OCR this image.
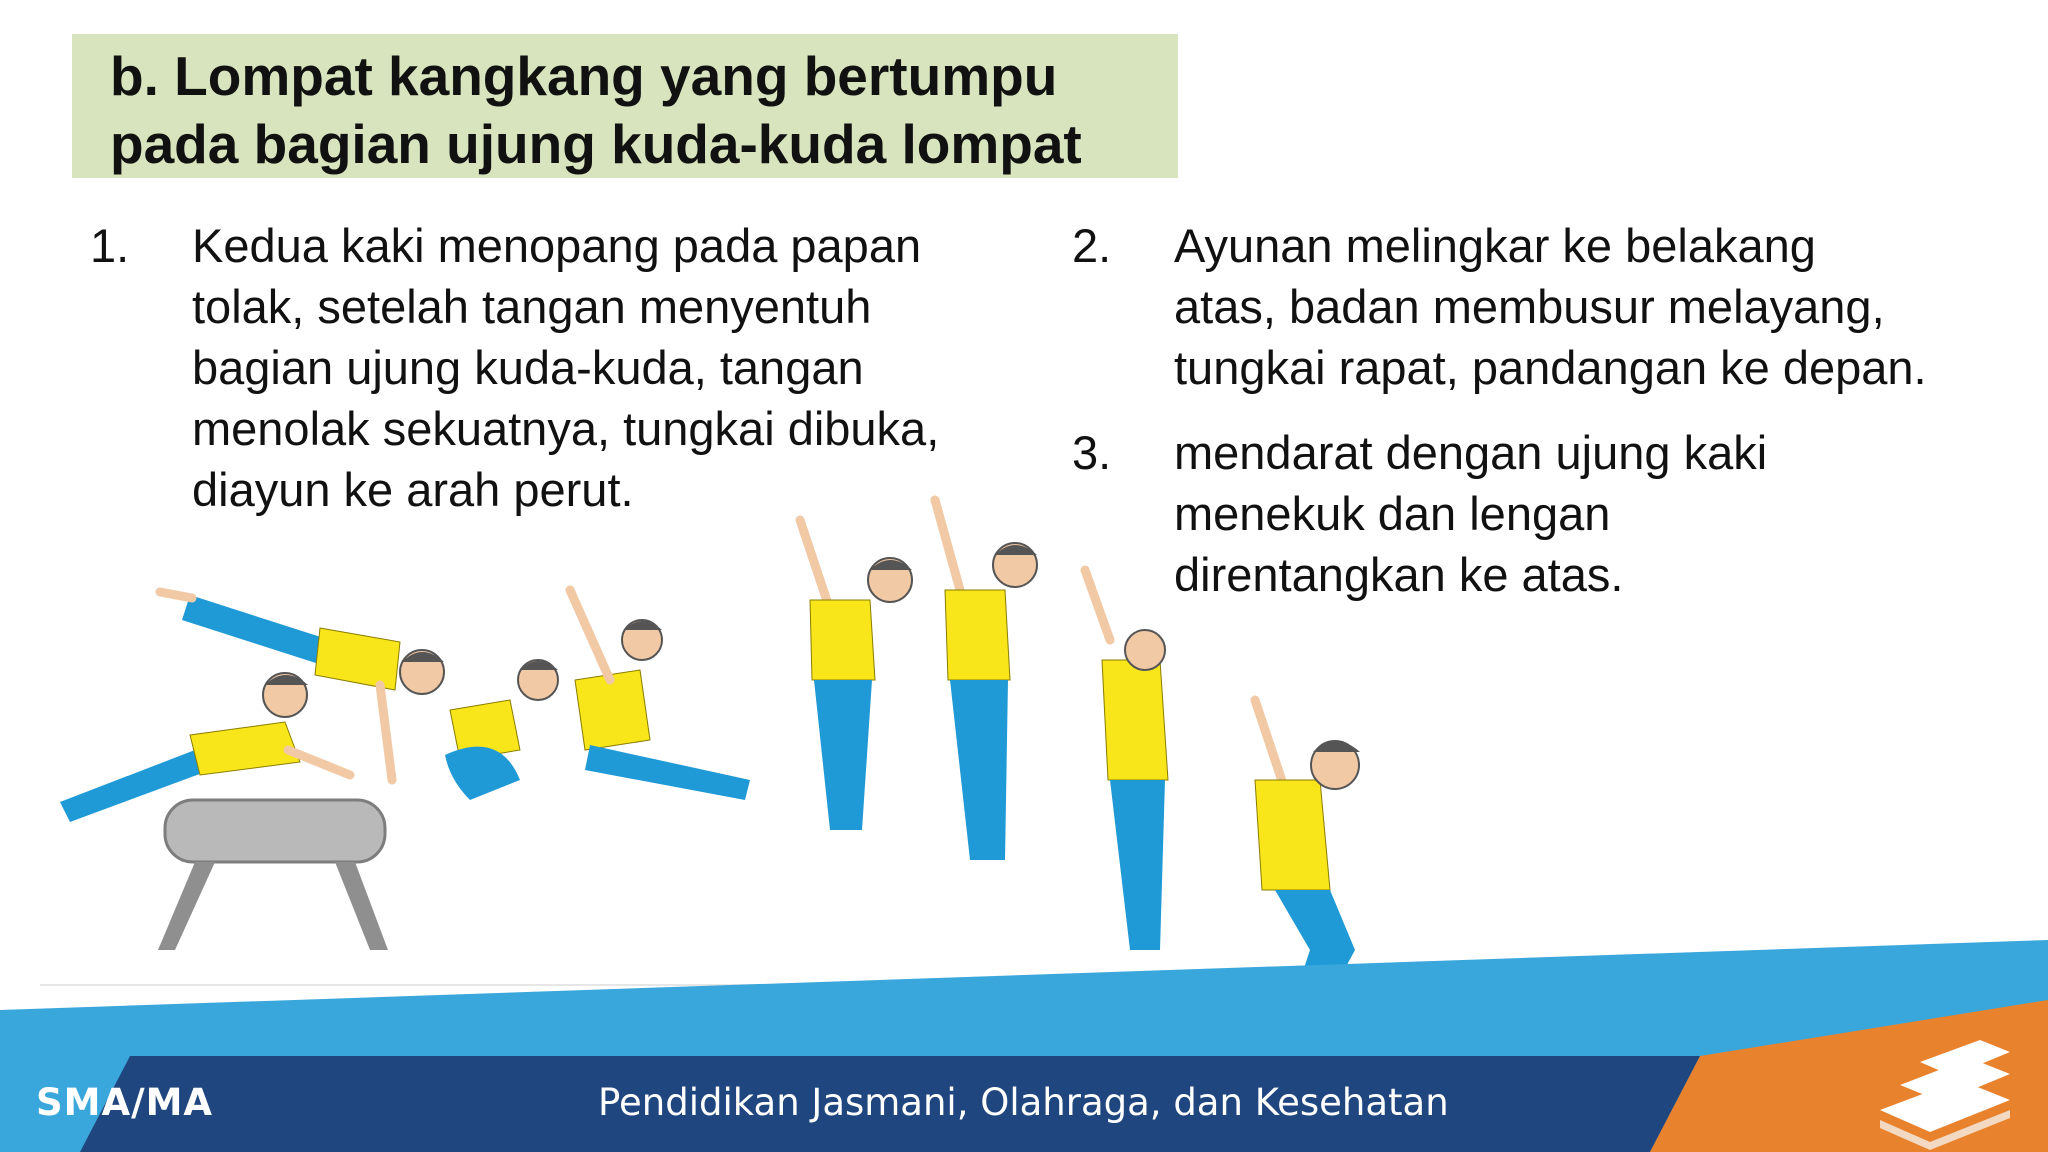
b. Lompat kangkang yang bertumpu
pada bagian ujung kuda-kuda lompat
1. Kedua kaki menopang pada papan
tolak, setelah tangan menyentuh
bagian ujung kuda-kuda, tangan
menolak sekuatnya, tungkai dibuka,
diayun ke arah perut.
2. Ayunan melingkar ke belakang
atas, badan membusur melayang,
tungkai rapat, pandangan ke depan.
3. mendarat dengan ujung kaki
menekuk dan lengan
direntangkan ke atas.
SMA/MA	Pendidikan Jasmani, Olahraga, dan Kesehatan
